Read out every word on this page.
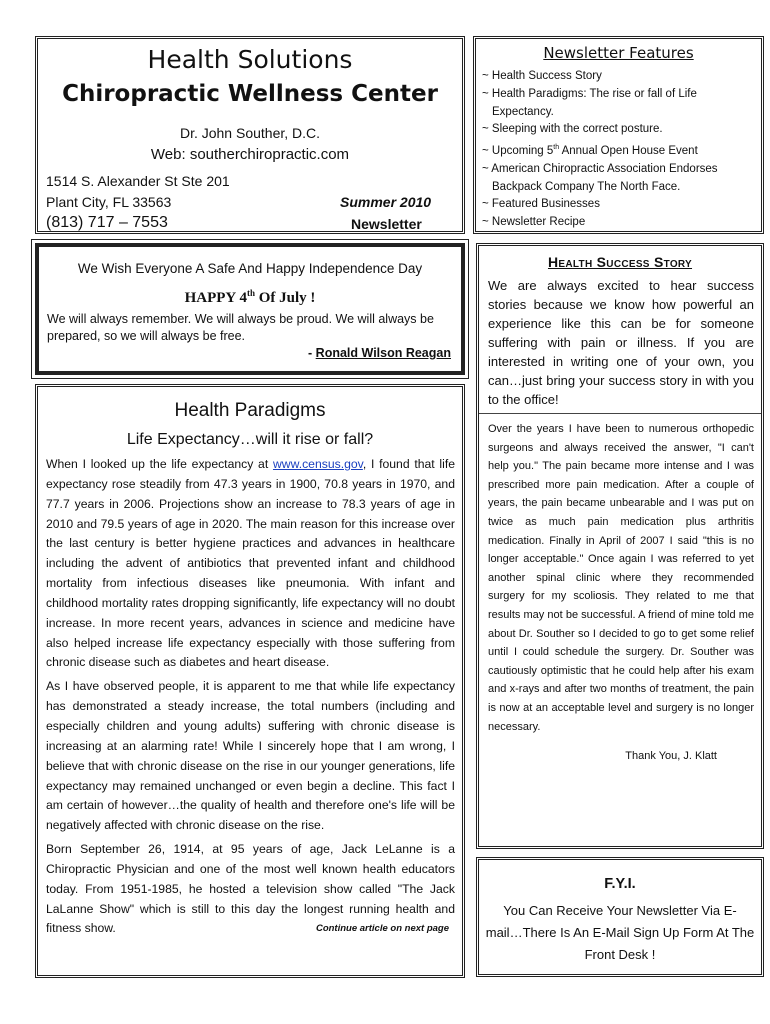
Health Solutions
Chiropractic Wellness Center
Dr. John Souther, D.C.
Web: southerchiropractic.com
1514 S. Alexander St Ste 201
Plant City, FL 33563
(813) 717 – 7553
Summer 2010
Newsletter
Newsletter Features
~ Health Success Story
~ Health Paradigms: The rise or fall of Life
Expectancy.
~ Sleeping with the correct posture.
~ Upcoming 5th Annual Open House Event
~ American Chiropractic Association Endorses
Backpack Company The North Face.
~ Featured Businesses
~ Newsletter Recipe
We Wish Everyone A Safe And Happy Independence Day
HAPPY 4th Of July !
We will always remember. We will always be proud. We will always be prepared, so we will always be free.
- Ronald Wilson Reagan
Health Paradigms
Life Expectancy…will it rise or fall?

When I looked up the life expectancy at www.census.gov, I found that life expectancy rose steadily from 47.3 years in 1900, 70.8 years in 1970, and 77.7 years in 2006. Projections show an increase to 78.3 years of age in 2010 and 79.5 years of age in 2020. The main reason for this increase over the last century is better hygiene practices and advances in healthcare including the advent of antibiotics that prevented infant and childhood mortality from infectious diseases like pneumonia. With infant and childhood mortality rates dropping significantly, life expectancy will no doubt increase. In more recent years, advances in science and medicine have also helped increase life expectancy especially with those suffering from chronic disease such as diabetes and heart disease.

As I have observed people, it is apparent to me that while life expectancy has demonstrated a steady increase, the total numbers (including and especially children and young adults) suffering with chronic disease is increasing at an alarming rate! While I sincerely hope that I am wrong, I believe that with chronic disease on the rise in our younger generations, life expectancy may remained unchanged or even begin a decline. This fact I am certain of however…the quality of health and therefore one's life will be negatively affected with chronic disease on the rise.

Born September 26, 1914, at 95 years of age, Jack LeLanne is a Chiropractic Physician and one of the most well known health educators today. From 1951-1985, he hosted a television show called "The Jack LaLanne Show" which is still to this day the longest running health and fitness show.	Continue article on next page

Health Success Story
We are always excited to hear success stories because we know how powerful an experience like this can be for someone suffering with pain or illness. If you are interested in writing one of your own, you can…just bring your success story in with you to the office!
Over the years I have been to numerous orthopedic surgeons and always received the answer, "I can't help you." The pain became more intense and I was prescribed more pain medication. After a couple of years, the pain became unbearable and I was put on twice as much pain medication plus arthritis medication. Finally in April of 2007 I said "this is no longer acceptable." Once again I was referred to yet another spinal clinic where they recommended surgery for my scoliosis. They related to me that results may not be successful. A friend of mine told me about Dr. Souther so I decided to go to get some relief until I could schedule the surgery. Dr. Souther was cautiously optimistic that he could help after his exam and x-rays and after two months of treatment, the pain is now at an acceptable level and surgery is no longer necessary.
Thank You, J. Klatt
F.Y.I.

You Can Receive Your Newsletter Via E-mail…There Is An E-Mail Sign Up Form At The Front Desk !
